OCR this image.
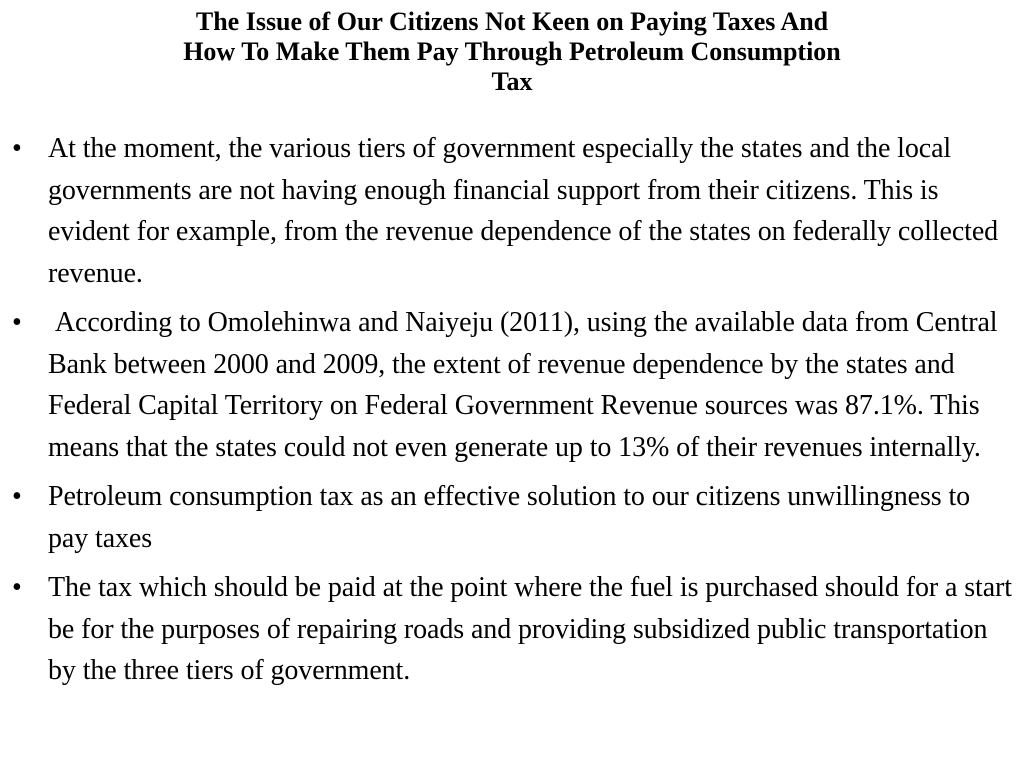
The Issue of Our Citizens Not Keen on Paying Taxes And
How To Make Them Pay Through Petroleum Consumption
Tax
• At the moment, the various tiers of government especially the states and the local governments are not having enough financial support from their citizens. This is evident for example, from the revenue dependence of the states on federally collected revenue.
• According to Omolehinwa and Naiyeju (2011), using the available data from Central Bank between 2000 and 2009, the extent of revenue dependence by the states and Federal Capital Territory on Federal Government Revenue sources was 87.1%. This means that the states could not even generate up to 13% of their revenues internally.
• Petroleum consumption tax as an effective solution to our citizens unwillingness to pay taxes
• The tax which should be paid at the point where the fuel is purchased should for a start be for the purposes of repairing roads and providing subsidized public transportation by the three tiers of government.
